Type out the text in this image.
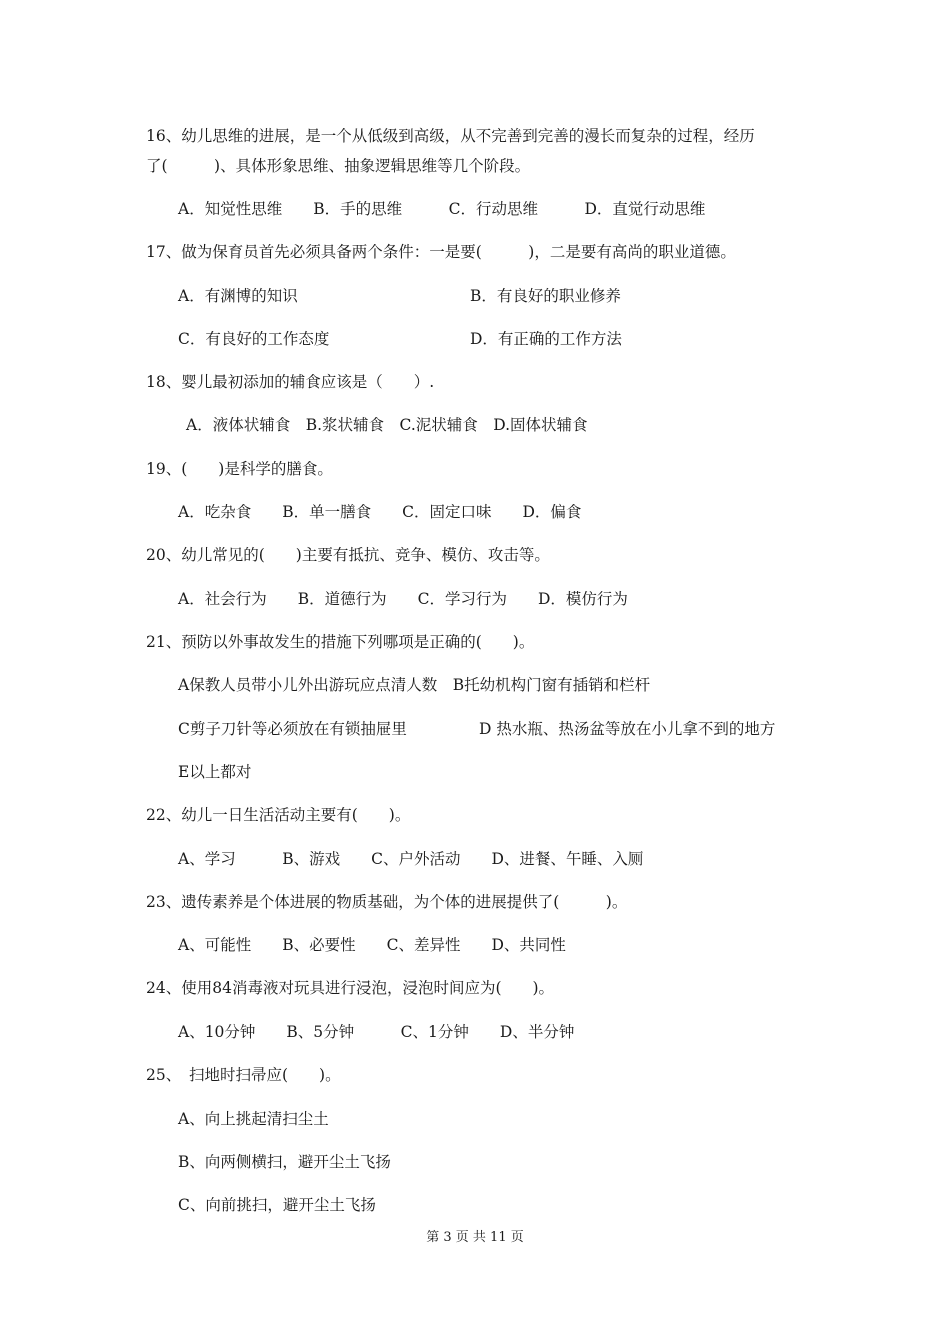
16、幼儿思维的进展，是一个从低级到高级，从不完善到完善的漫长而复杂的过程，经历
了(　　　)、具体形象思维、抽象逻辑思维等几个阶段。
A．知觉性思维　　B．手的思维　　　C．行动思维　　　D．直觉行动思维
17、做为保育员首先必须具备两个条件：一是要(　　　)，二是要有高尚的职业道德。
A．有渊博的知识	B．有良好的职业修养
C．有良好的工作态度	D．有正确的工作方法
18、婴儿最初添加的辅食应该是（　　）.
A．液体状辅食　B.浆状辅食　C.泥状辅食　D.固体状辅食
19、(　　)是科学的膳食。
A．吃杂食　　B．单一膳食　　C．固定口味　　D．偏食
20、幼儿常见的(　　)主要有抵抗、竞争、模仿、攻击等。
A．社会行为　　B．道德行为　　C．学习行为　　D．模仿行为
21、预防以外事故发生的措施下列哪项是正确的(　　)。
A保教人员带小儿外出游玩应点清人数　B托幼机构门窗有插销和栏杆
C剪子刀针等必须放在有锁抽屉里	D 热水瓶、热汤盆等放在小儿拿不到的地方
E以上都对
22、幼儿一日生活活动主要有(　　)。
A、学习　　　B、游戏　　C、户外活动　　D、进餐、午睡、入厕
23、遗传素养是个体进展的物质基础，为个体的进展提供了(　　　)。
A、可能性　　B、必要性　　C、差异性　　D、共同性
24、使用84消毒液对玩具进行浸泡，浸泡时间应为(　　)。
A、10分钟　　B、5分钟　　　C、1分钟　　D、半分钟
25、　扫地时扫帚应(　　)。
A、向上挑起清扫尘土
B、向两侧横扫，避开尘土飞扬
C、向前挑扫，避开尘土飞扬
第 3 页 共 11 页
